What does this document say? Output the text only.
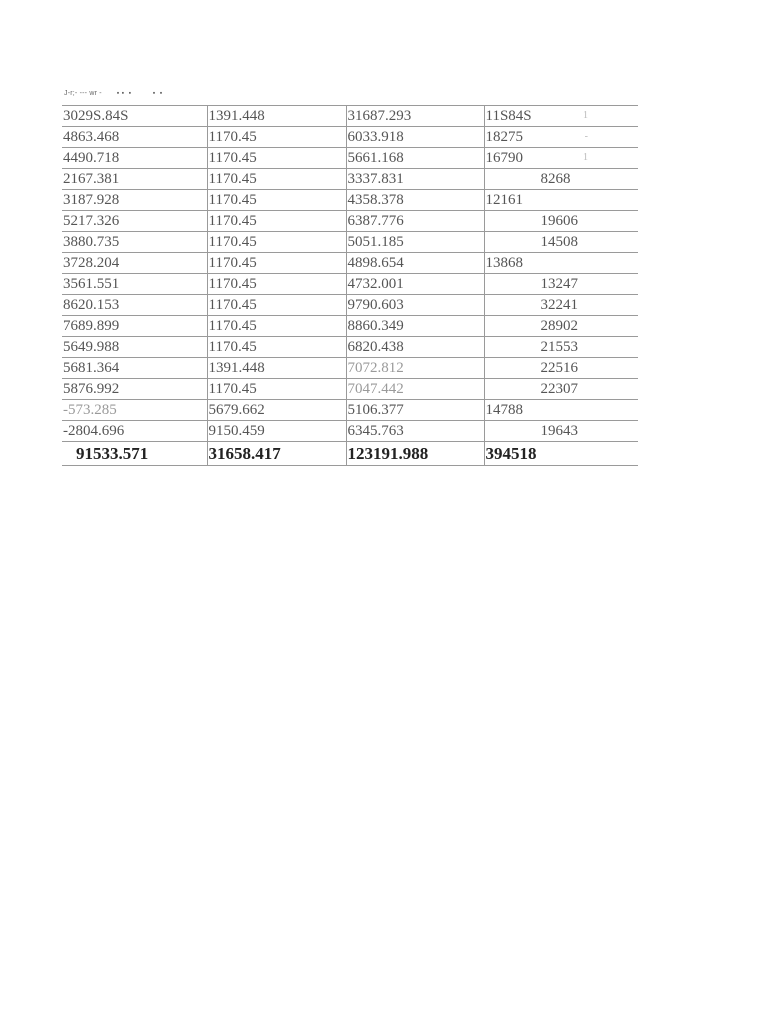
J-r;- --- wr -       ▪ ▪  ▪          ▪  ▪
3029S.84S	1391.448	31687.293	11S84S 1

4863.468	1170.45	6033.918	18275 -

4490.718	1170.45	5661.168	16790 1

2167.381	1170.45	3337.831	8268
3187.928	1170.45	4358.378	12161
5217.326	1170.45	6387.776	19606
3880.735	1170.45	5051.185	14508
3728.204	1170.45	4898.654	13868
3561.551	1170.45	4732.001	13247
8620.153	1170.45	9790.603	32241
7689.899	1170.45	8860.349	28902
5649.988	1170.45	6820.438	21553
5681.364	1391.448	7072.812	22516
5876.992	1170.45	7047.442	22307
-573.285	5679.662	5106.377	14788
-2804.696	9150.459	6345.763	19643
91533.571	31658.417	123191.988	394518
